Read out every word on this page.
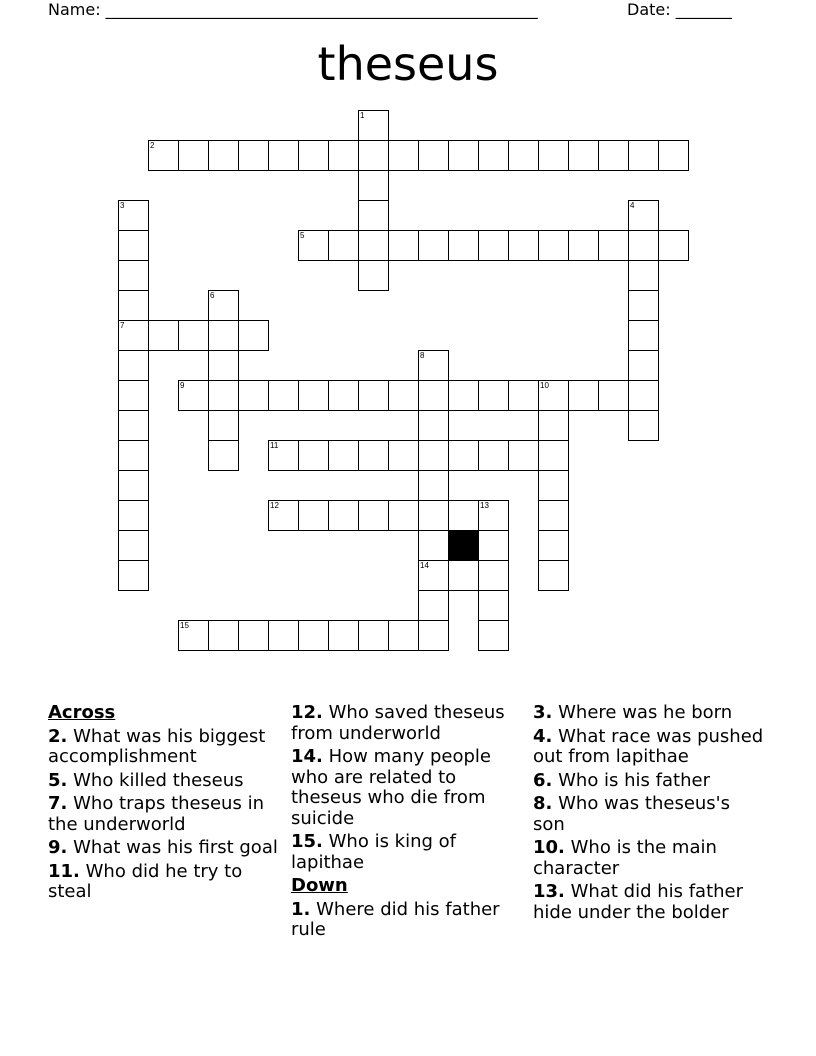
Name: ______________________________________________________	Date: _______
theseus
1
2
3	4
5
6
7
8
9	10
11
12	13
14
15
Across
2. What was his biggest accomplishment
5. Who killed theseus
7. Who traps theseus in the underworld
9. What was his first goal
11. Who did he try to steal
12. Who saved theseus from underworld
14. How many people who are related to theseus who die from suicide
15. Who is king of lapithae
Down
1. Where did his father rule
3. Where was he born
4. What race was pushed out from lapithae
6. Who is his father
8. Who was theseus's son
10. Who is the main character
13. What did his father hide under the bolder
